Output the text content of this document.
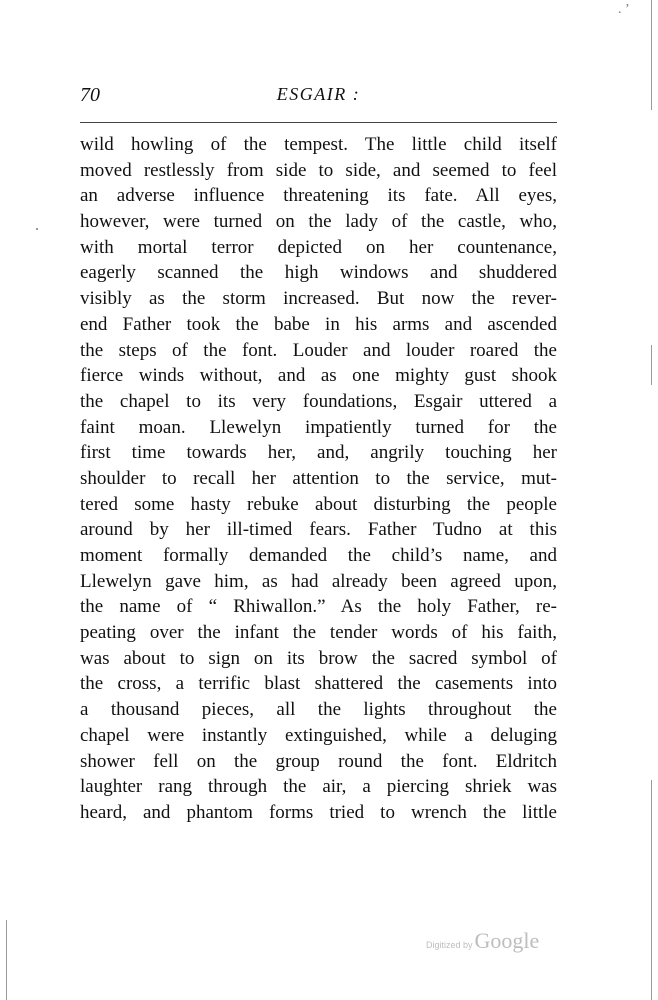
70	ESGAIR :
wild howling of the tempest. The little child itself
moved restlessly from side to side, and seemed to feel
an adverse influence threatening its fate. All eyes,
however, were turned on the lady of the castle, who,
with mortal terror depicted on her countenance,
eagerly scanned the high windows and shuddered
visibly as the storm increased. But now the rever-
end Father took the babe in his arms and ascended
the steps of the font. Louder and louder roared the
fierce winds without, and as one mighty gust shook
the chapel to its very foundations, Esgair uttered a
faint moan. Llewelyn impatiently turned for the
first time towards her, and, angrily touching her
shoulder to recall her attention to the service, mut-
tered some hasty rebuke about disturbing the people
around by her ill-timed fears. Father Tudno at this
moment formally demanded the child’s name, and
Llewelyn gave him, as had already been agreed upon,
the name of “ Rhiwallon.” As the holy Father, re-
peating over the infant the tender words of his faith,
was about to sign on its brow the sacred symbol of
the cross, a terrific blast shattered the casements into
a thousand pieces, all the lights throughout the
chapel were instantly extinguished, while a deluging
shower fell on the group round the font. Eldritch
laughter rang through the air, a piercing shriek was
heard, and phantom forms tried to wrench the little
Digitized by Google
. ’
